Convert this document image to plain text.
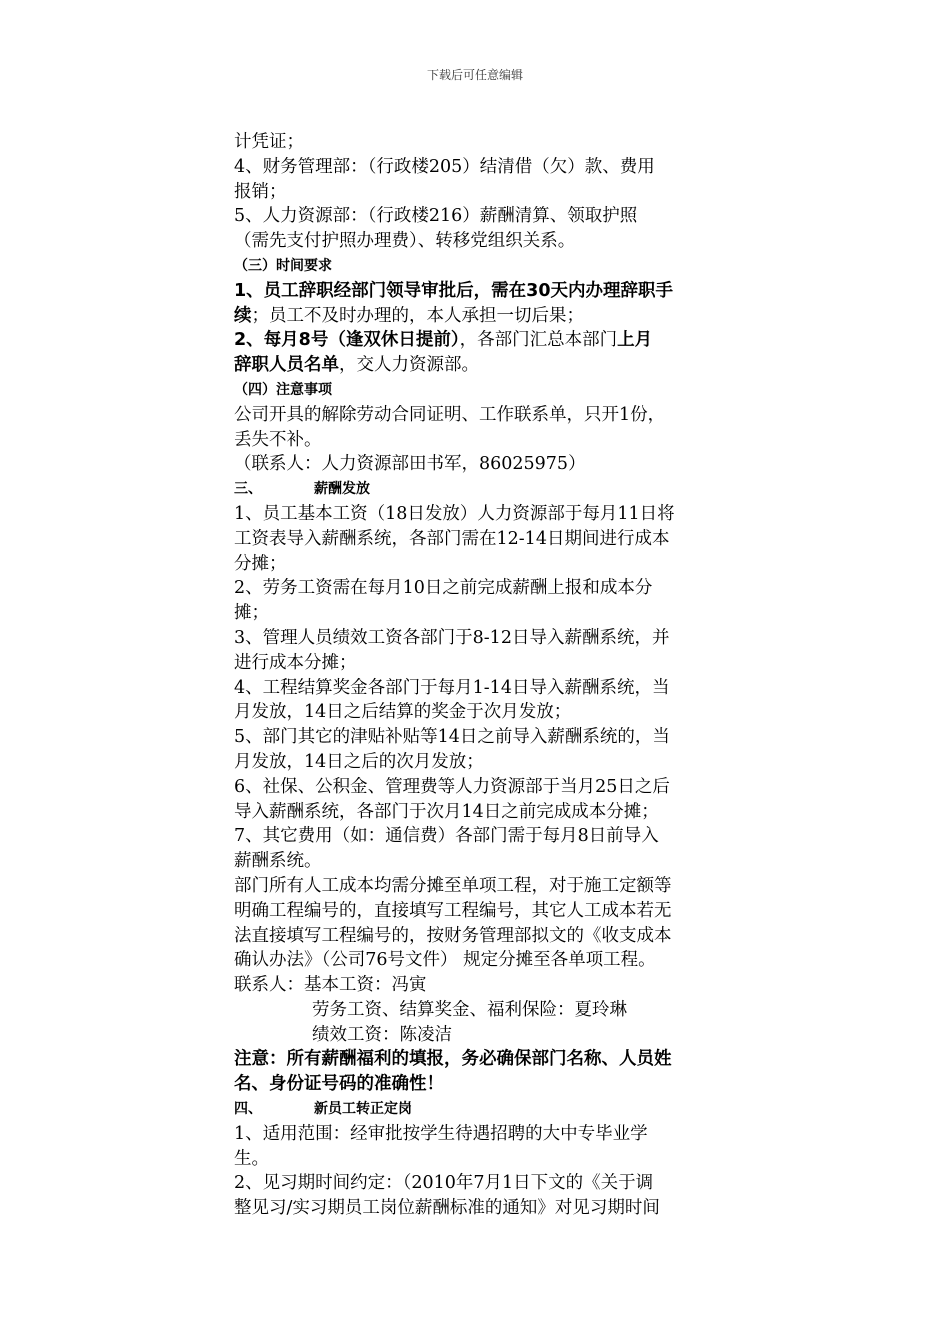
下载后可任意编辑
计凭证；
4、财务管理部：（行政楼205）结清借（欠）款、费用
报销；
5、人力资源部：（行政楼216）薪酬清算、领取护照
（需先支付护照办理费）、转移党组织关系。
（三）时间要求
1、员工辞职经部门领导审批后，需在30天内办理辞职手
续；员工不及时办理的，本人承担一切后果；
2、每月8号（逢双休日提前），各部门汇总本部门上月
辞职人员名单，交人力资源部。
（四）注意事项
公司开具的解除劳动合同证明、工作联系单，只开1份，
丢失不补。
（联系人：人力资源部田书军，86025975）
三、	薪酬发放
1、员工基本工资（18日发放）人力资源部于每月11日将
工资表导入薪酬系统，各部门需在12-14日期间进行成本
分摊；
2、劳务工资需在每月10日之前完成薪酬上报和成本分
摊；
3、管理人员绩效工资各部门于8-12日导入薪酬系统，并
进行成本分摊；
4、工程结算奖金各部门于每月1-14日导入薪酬系统，当
月发放，14日之后结算的奖金于次月发放；
5、部门其它的津贴补贴等14日之前导入薪酬系统的，当
月发放，14日之后的次月发放；
6、社保、公积金、管理费等人力资源部于当月25日之后
导入薪酬系统，各部门于次月14日之前完成成本分摊；
7、其它费用（如：通信费）各部门需于每月8日前导入
薪酬系统。
部门所有人工成本均需分摊至单项工程，对于施工定额等
明确工程编号的，直接填写工程编号，其它人工成本若无
法直接填写工程编号的，按财务管理部拟文的《收支成本
确认办法》（公司76号文件） 规定分摊至各单项工程。
联系人：基本工资：冯寅
劳务工资、结算奖金、福利保险：夏玲琳
绩效工资：陈凌洁
注意：所有薪酬福利的填报，务必确保部门名称、人员姓
名、身份证号码的准确性！
四、	新员工转正定岗
1、适用范围：经审批按学生待遇招聘的大中专毕业学
生。
2、见习期时间约定：（2010年7月1日下文的《关于调
整见习/实习期员工岗位薪酬标准的通知》对见习期时间
